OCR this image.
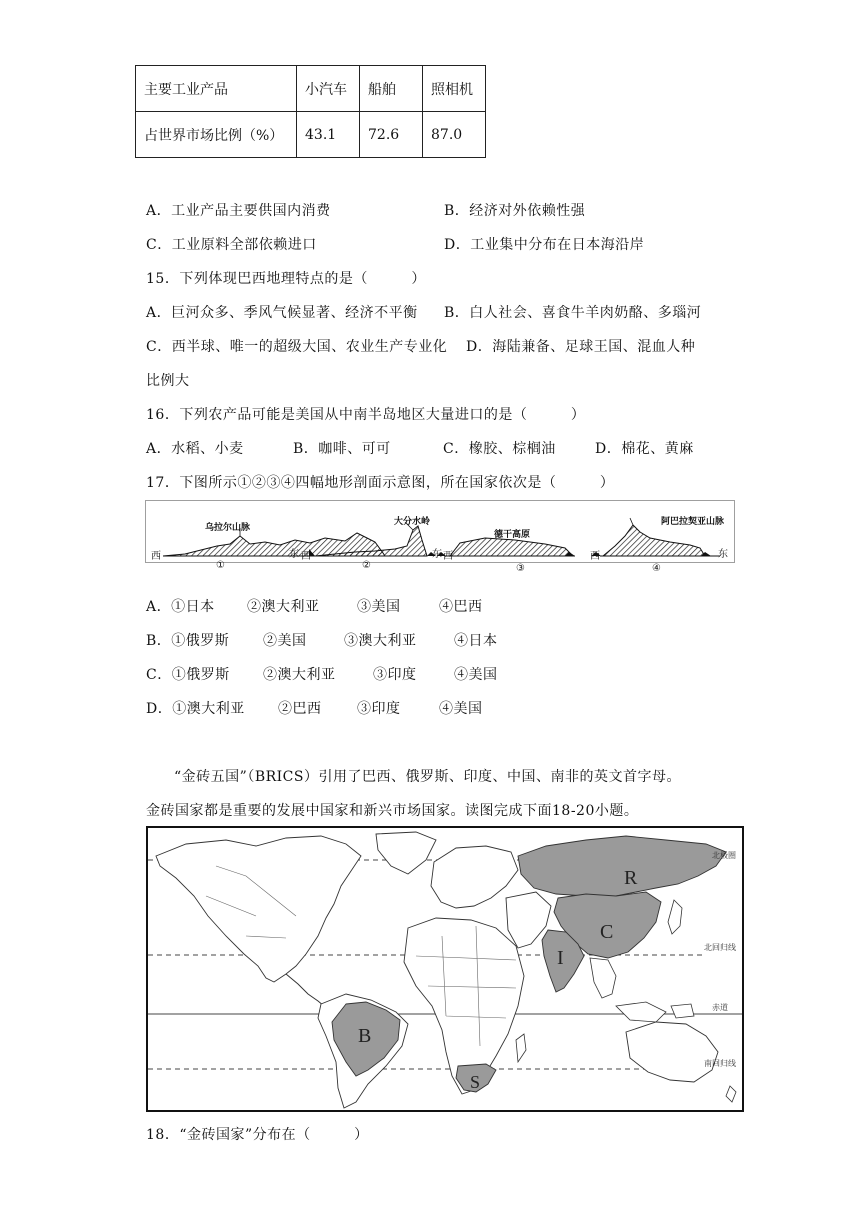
主要工业产品	小汽车	船舶	照相机
占世界市场比例（%）	43.1	72.6	87.0
A．工业产品主要供国内消费	B．经济对外依赖性强
C．工业原料全部依赖进口	D．工业集中分布在日本海沿岸
15．下列体现巴西地理特点的是（　　　）
A．巨河众多、季风气候显著、经济不平衡 B．白人社会、喜食牛羊肉奶酪、多瑙河
C．西半球、唯一的超级大国、农业生产专业化 D．海陆兼备、足球王国、混血人种
比例大
16．下列农产品可能是美国从中南半岛地区大量进口的是（　　　）
A．水稻、小麦	B．咖啡、可可	C．橡胶、棕榈油	D．棉花、黄麻
17．下图所示①②③④四幅地形剖面示意图，所在国家依次是（　　　）
乌拉尔山脉
大分水岭
德干高原
阿巴拉契亚山脉
西	西	东 西	西	东
①	②	③	④
东
A．①日本 ②澳大利亚	③美国	④巴西
B．①俄罗斯 ②美国	③澳大利亚	④日本
C．①俄罗斯 ②澳大利亚	③印度	④美国
D．①澳大利亚 ②巴西	③印度	④美国
“金砖五国”（BRICS）引用了巴西、俄罗斯、印度、中国、南非的英文首字母。
金砖国家都是重要的发展中国家和新兴市场国家。读图完成下面18-20小题。
北极圈
北回归线
赤道
南回归线
R
C
I
B
S
18．“金砖国家”分布在（　　　）
